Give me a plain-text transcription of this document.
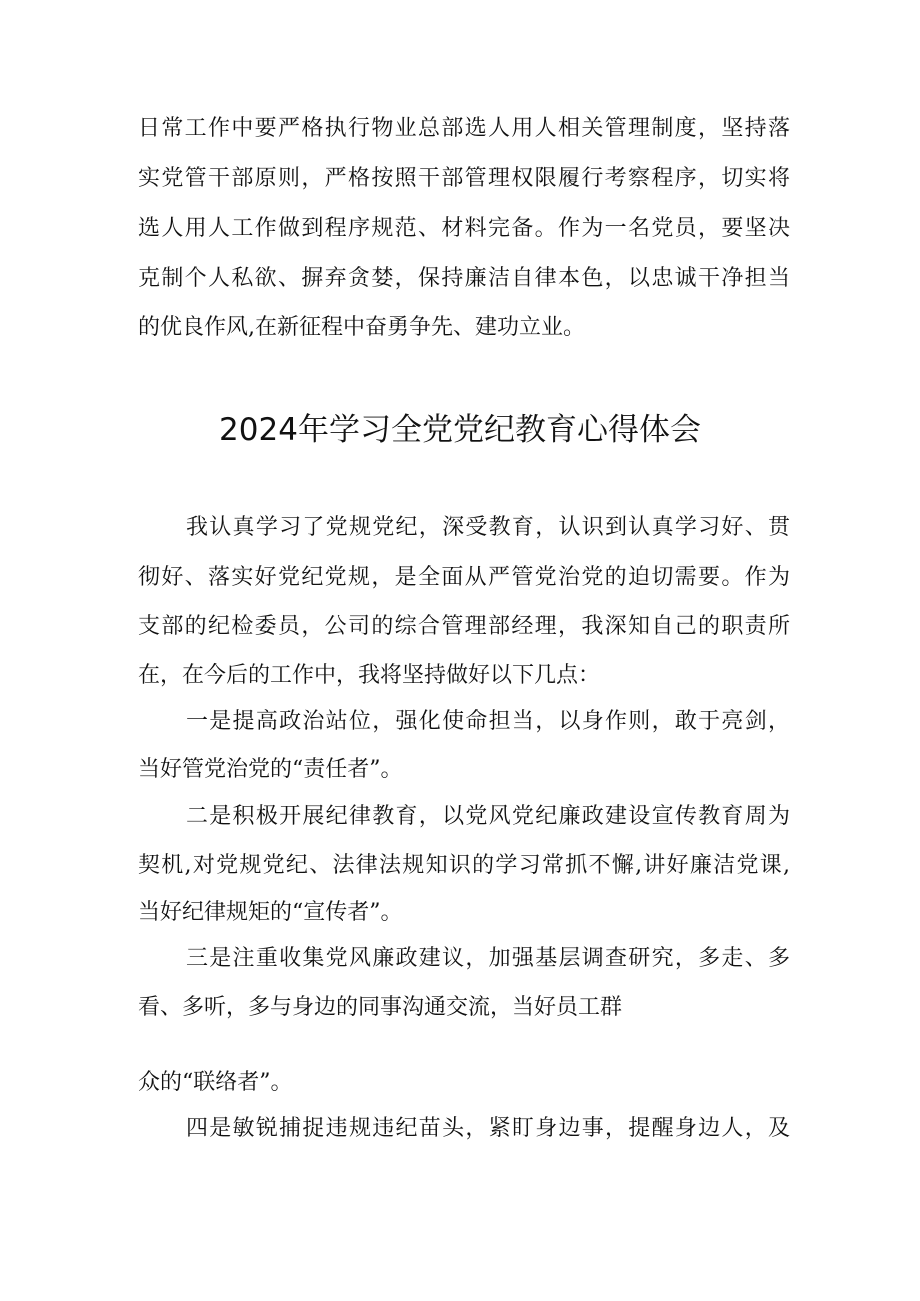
日常工作中要严格执行物业总部选人用人相关管理制度，坚持落
实党管干部原则，严格按照干部管理权限履行考察程序，切实将
选人用人工作做到程序规范、材料完备。作为一名党员，要坚决
克制个人私欲、摒弃贪婪，保持廉洁自律本色，以忠诚干净担当
的优良作风,在新征程中奋勇争先、建功立业。
2024年学习全党党纪教育心得体会
我认真学习了党规党纪，深受教育，认识到认真学习好、贯
彻好、落实好党纪党规，是全面从严管党治党的迫切需要。作为
支部的纪检委员，公司的综合管理部经理，我深知自己的职责所
在，在今后的工作中，我将坚持做好以下几点：
一是提高政治站位，强化使命担当，以身作则，敢于亮剑，
当好管党治党的“责任者”。
二是积极开展纪律教育，以党风党纪廉政建设宣传教育周为
契机,对党规党纪、法律法规知识的学习常抓不懈,讲好廉洁党课,
当好纪律规矩的“宣传者”。
三是注重收集党风廉政建议，加强基层调查研究，多走、多
看、多听，多与身边的同事沟通交流，当好员工群
众的“联络者”。
四是敏锐捕捉违规违纪苗头，紧盯身边事，提醒身边人，及
